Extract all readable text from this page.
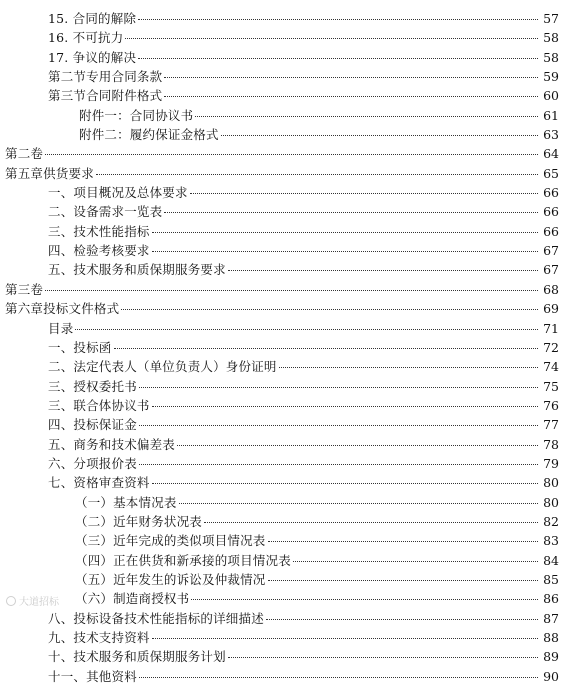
15. 合同的解除	57
16. 不可抗力	58
17. 争议的解决	58
第二节专用合同条款	59
第三节合同附件格式	60
附件一：合同协议书	61
附件二：履约保证金格式	63
第二卷	64
第五章供货要求	65
一、项目概况及总体要求	66
二、设备需求一览表	66
三、技术性能指标	66
四、检验考核要求	67
五、技术服务和质保期服务要求	67
第三卷	68
第六章投标文件格式	69
目录	71
一、投标函	72
二、法定代表人（单位负责人）身份证明	74
三、授权委托书	75
三、联合体协议书	76
四、投标保证金	77
五、商务和技术偏差表	78
六、分项报价表	79
七、资格审查资料	80
（一）基本情况表	80
（二）近年财务状况表	82
（三）近年完成的类似项目情况表	83
（四）正在供货和新承接的项目情况表	84
（五）近年发生的诉讼及仲裁情况	85
（六）制造商授权书	86
八、投标设备技术性能指标的详细描述	87
九、技术支持资料	88
十、技术服务和质保期服务计划	89
十一、其他资料	90
大道招标
